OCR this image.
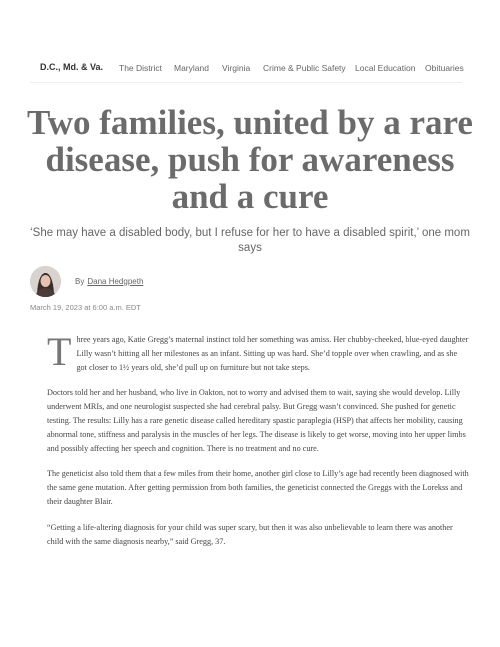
D.C., Md. & Va. The District Maryland Virginia Crime & Public Safety Local Education Obituaries
Two families, united by a rare disease, push for awareness and a cure

‘She may have a disabled body, but I refuse for her to have a disabled spirit,’ one mom says

By Dana Hedgpeth
March 19, 2023 at 6:00 a.m. EDT

Three years ago, Katie Gregg’s maternal instinct told her something was amiss. Her chubby-cheeked, blue-eyed daughter Lilly wasn’t hitting all her milestones as an infant. Sitting up was hard. She’d topple over when crawling, and as she got closer to 1½ years old, she’d pull up on furniture but not take steps.

Doctors told her and her husband, who live in Oakton, not to worry and advised them to wait, saying she would develop. Lilly underwent MRIs, and one neurologist suspected she had cerebral palsy. But Gregg wasn’t convinced. She pushed for genetic testing. The results: Lilly has a rare genetic disease called hereditary spastic paraplegia (HSP) that affects her mobility, causing abnormal tone, stiffness and paralysis in the muscles of her legs. The disease is likely to get worse, moving into her upper limbs and possibly affecting her speech and cognition. There is no treatment and no cure.

The geneticist also told them that a few miles from their home, another girl close to Lilly’s age had recently been diagnosed with the same gene mutation. After getting permission from both families, the geneticist connected the Greggs with the Lorekss and their daughter Blair.

“Getting a life-altering diagnosis for your child was super scary, but then it was also unbelievable to learn there was another child with the same diagnosis nearby,” said Gregg, 37.
